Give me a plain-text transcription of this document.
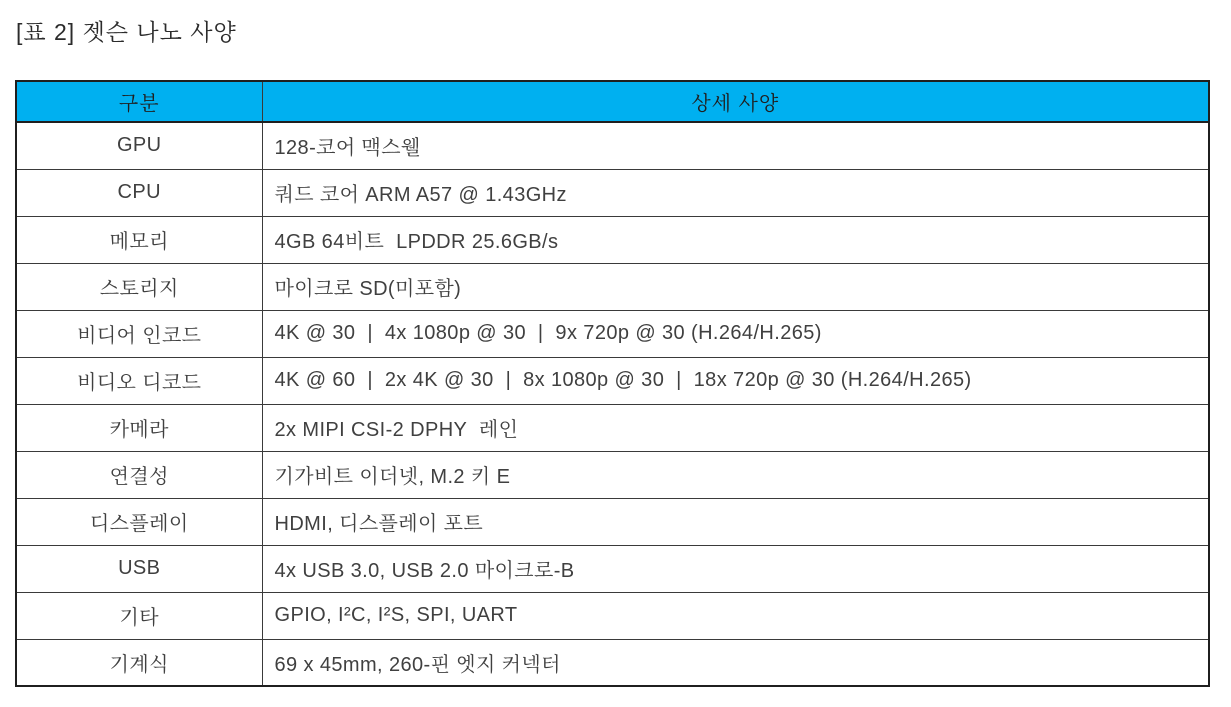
[표 2] 젯슨 나노 사양
구분	상세 사양
GPU	128-코어 맥스웰
CPU	쿼드 코어 ARM A57 @ 1.43GHz
메모리	4GB 64비트  LPDDR 25.6GB/s
스토리지	마이크로 SD(미포함)
비디어 인코드	4K @ 30  |  4x 1080p @ 30  |  9x 720p @ 30 (H.264/H.265)
비디오 디코드	4K @ 60  |  2x 4K @ 30  |  8x 1080p @ 30  |  18x 720p @ 30 (H.264/H.265)
카메라	2x MIPI CSI-2 DPHY  레인
연결성	기가비트 이더넷, M.2 키 E
디스플레이	HDMI, 디스플레이 포트
USB	4x USB 3.0, USB 2.0 마이크로-B
기타	GPIO, I²C, I²S, SPI, UART
기계식	69 x 45mm, 260-핀 엣지 커넥터
